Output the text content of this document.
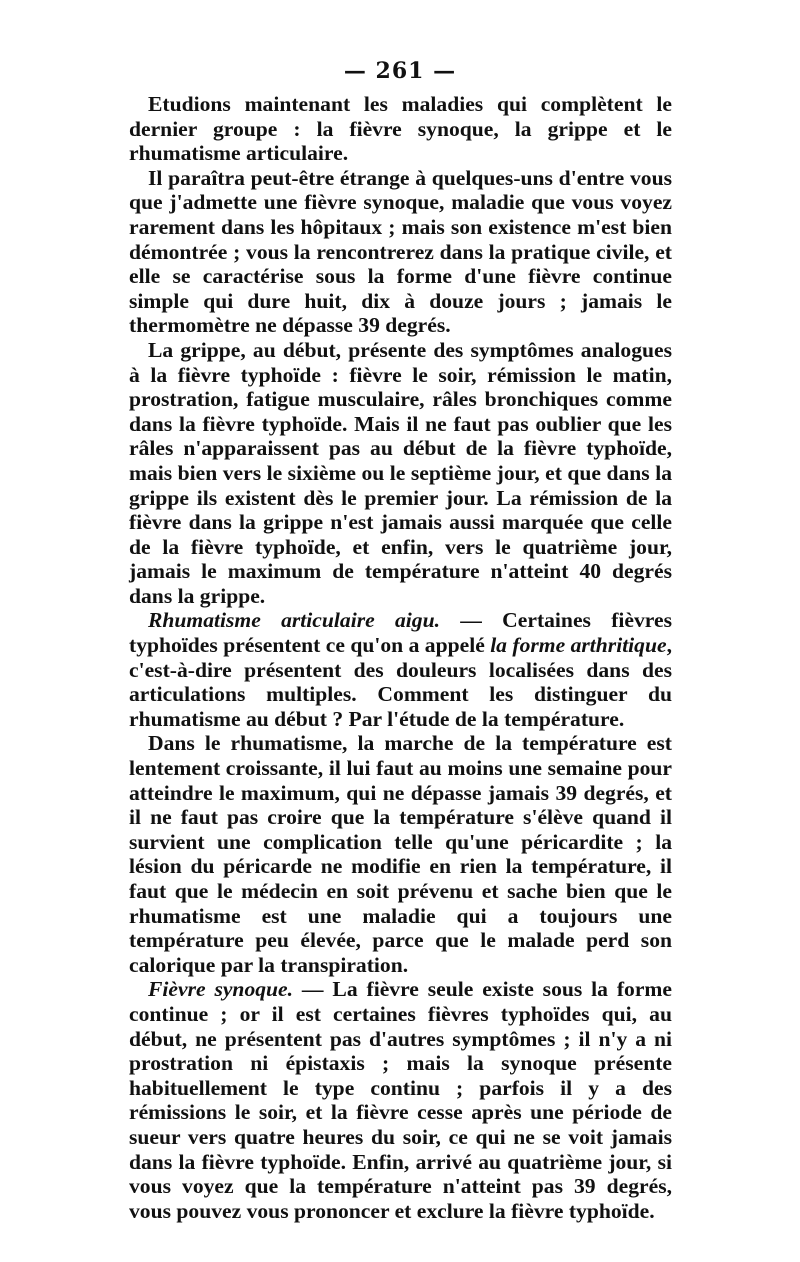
— 261 —

Etudions maintenant les maladies qui complètent le dernier groupe : la fièvre synoque, la grippe et le rhumatisme articulaire.

Il paraîtra peut-être étrange à quelques-uns d'entre vous que j'admette une fièvre synoque, maladie que vous voyez rarement dans les hôpitaux ; mais son existence m'est bien démontrée ; vous la rencontrerez dans la pratique civile, et elle se caractérise sous la forme d'une fièvre continue simple qui dure huit, dix à douze jours ; jamais le thermomètre ne dépasse 39 degrés.

La grippe, au début, présente des symptômes analogues à la fièvre typhoïde : fièvre le soir, rémission le matin, prostration, fatigue musculaire, râles bronchiques comme dans la fièvre typhoïde. Mais il ne faut pas oublier que les râles n'apparaissent pas au début de la fièvre typhoïde, mais bien vers le sixième ou le septième jour, et que dans la grippe ils existent dès le premier jour. La rémission de la fièvre dans la grippe n'est jamais aussi marquée que celle de la fièvre typhoïde, et enfin, vers le quatrième jour, jamais le maximum de température n'atteint 40 degrés dans la grippe.

Rhumatisme articulaire aigu. — Certaines fièvres typhoïdes présentent ce qu'on a appelé la forme arthritique, c'est-à-dire présentent des douleurs localisées dans des articulations multiples. Comment les distinguer du rhumatisme au début ? Par l'étude de la température.

Dans le rhumatisme, la marche de la température est lentement croissante, il lui faut au moins une semaine pour atteindre le maximum, qui ne dépasse jamais 39 degrés, et il ne faut pas croire que la température s'élève quand il survient une complication telle qu'une péricardite ; la lésion du péricarde ne modifie en rien la température, il faut que le médecin en soit prévenu et sache bien que le rhumatisme est une maladie qui a toujours une température peu élevée, parce que le malade perd son calorique par la transpiration.

Fièvre synoque. — La fièvre seule existe sous la forme continue ; or il est certaines fièvres typhoïdes qui, au début, ne présentent pas d'autres symptômes ; il n'y a ni prostration ni épistaxis ; mais la synoque présente habituellement le type continu ; parfois il y a des rémissions le soir, et la fièvre cesse après une période de sueur vers quatre heures du soir, ce qui ne se voit jamais dans la fièvre typhoïde. Enfin, arrivé au quatrième jour, si vous voyez que la température n'atteint pas 39 degrés, vous pouvez vous prononcer et exclure la fièvre typhoïde.
